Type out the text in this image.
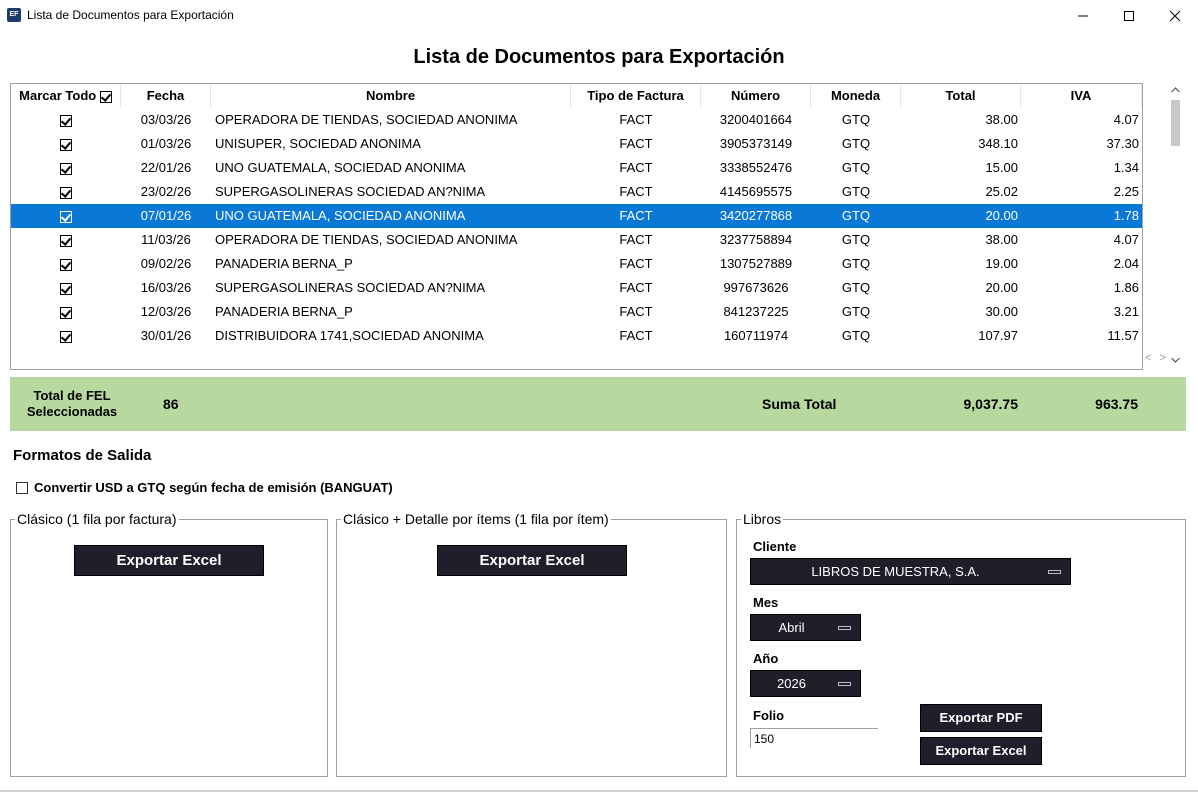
EF Lista de Documentos para Exportación
Lista de Documentos para Exportación
Marcar Todo	Fecha	Nombre	Tipo de Factura	Número	Moneda	Total	IVA
03/03/26	OPERADORA DE TIENDAS, SOCIEDAD ANONIMA	FACT	3200401664	GTQ	38.00	4.07
01/03/26	UNISUPER, SOCIEDAD ANONIMA	FACT	3905373149	GTQ	348.10	37.30
22/01/26	UNO GUATEMALA, SOCIEDAD ANONIMA	FACT	3338552476	GTQ	15.00	1.34
23/02/26	SUPERGASOLINERAS SOCIEDAD AN?NIMA	FACT	4145695575	GTQ	25.02	2.25
07/01/26	UNO GUATEMALA, SOCIEDAD ANONIMA	FACT	3420277868	GTQ	20.00	1.78
11/03/26	OPERADORA DE TIENDAS, SOCIEDAD ANONIMA	FACT	3237758894	GTQ	38.00	4.07
09/02/26	PANADERIA BERNA_P	FACT	1307527889	GTQ	19.00	2.04
16/03/26	SUPERGASOLINERAS SOCIEDAD AN?NIMA	FACT	997673626	GTQ	20.00	1.86
12/03/26	PANADERIA BERNA_P	FACT	841237225	GTQ	30.00	3.21
30/01/26	DISTRIBUIDORA 1741,SOCIEDAD ANONIMA	FACT	160711974	GTQ	107.97	11.57
< >
Total de FEL Seleccionadas	86	Suma Total	9,037.75	963.75
Formatos de Salida
Convertir USD a GTQ según fecha de emisión (BANGUAT)
Clásico (1 fila por factura)
Exportar Excel
Clásico + Detalle por ítems (1 fila por ítem)
Exportar Excel
Libros
Cliente
LIBROS DE MUESTRA, S.A.
Mes
Abril
Año
2026
Folio
150
Exportar PDF
Exportar Excel
